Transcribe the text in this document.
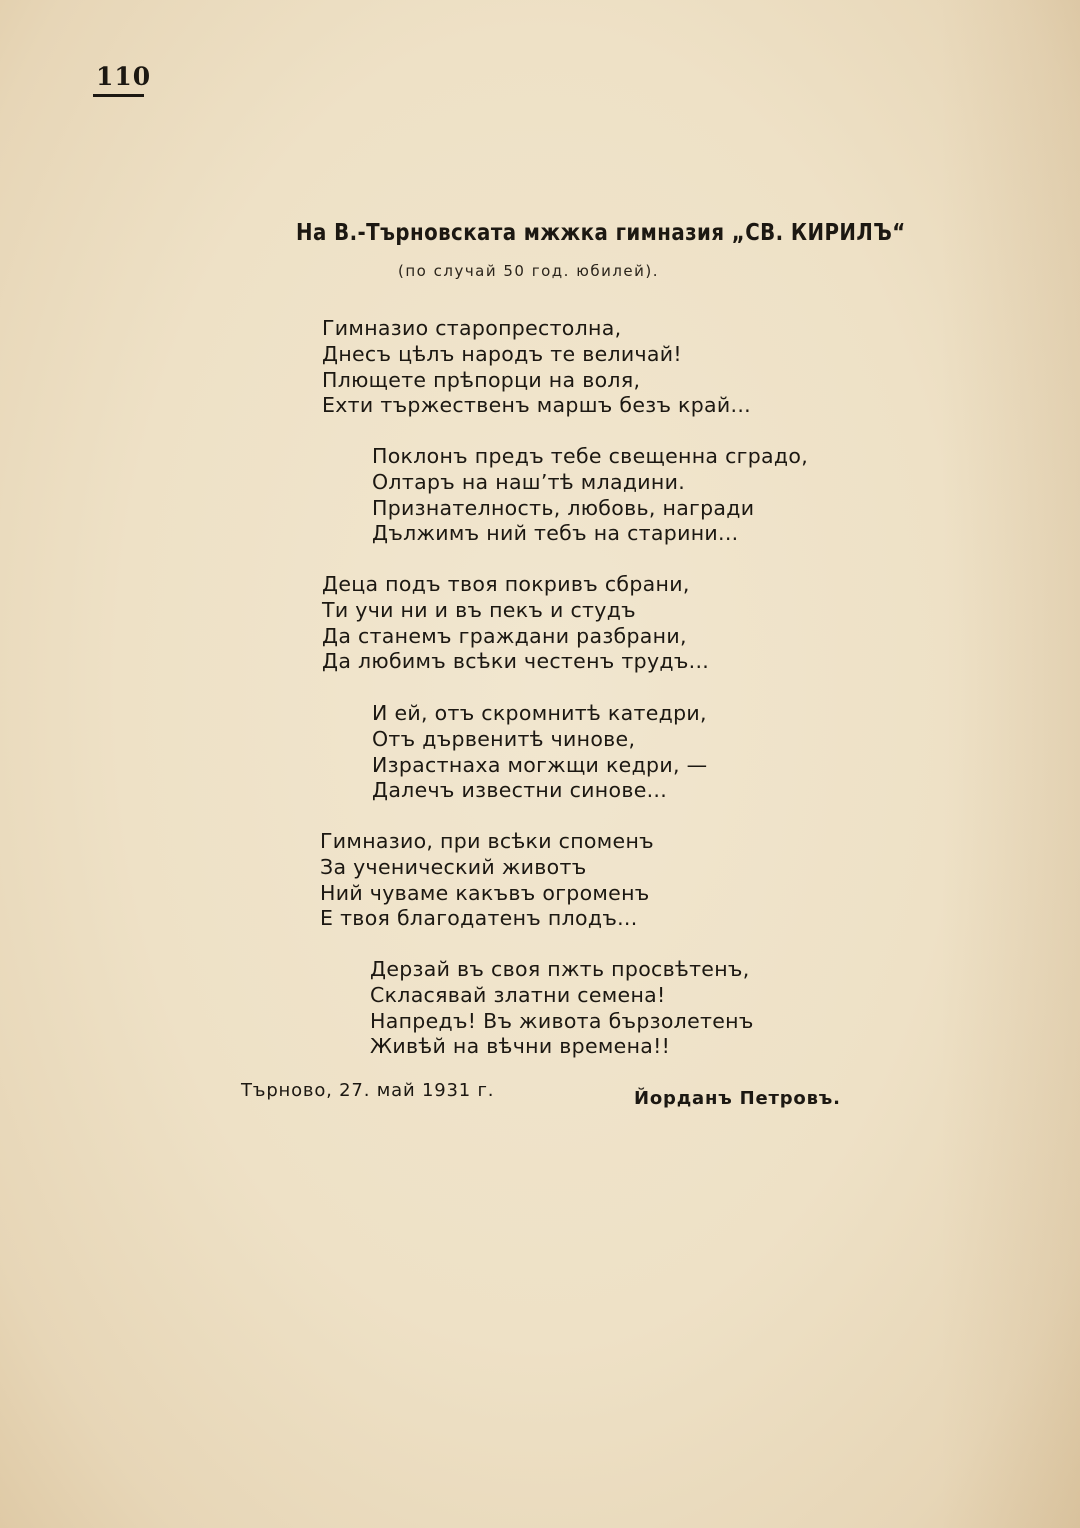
110
На В.-Търновската мжжка гимназия „СВ. КИРИЛЪ“
(по случай 50 год. юбилей).
Гимназио старопрестолна,
Днесъ цѣлъ народъ те величай!
Плющете прѣпорци на воля,
Ехти тържественъ маршъ безъ край...
Поклонъ предъ тебе свещенна сградо,
Олтаръ на наш’тѣ младини.
Признателность, любовь, награди
Дължимъ ний тебъ на старини...
Деца подъ твоя покривъ сбрани,
Ти учи ни и въ пекъ и студъ
Да станемъ граждани разбрани,
Да любимъ всѣки честенъ трудъ...
И ей, отъ скромнитѣ катедри,
Отъ дървенитѣ чинове,
Израстнаха могжщи кедри, —
Далечъ известни синове...
Гимназио, при всѣки споменъ
За ученический животъ
Ний чуваме какъвъ огроменъ
Е твоя благодатенъ плодъ...
Дерзай въ своя пжть просвѣтенъ,
Скласявай златни семена!
Напредъ! Въ живота бързолетенъ
Живѣй на вѣчни времена!!
Търново, 27. май 1931 г.	Йорданъ Петровъ.
